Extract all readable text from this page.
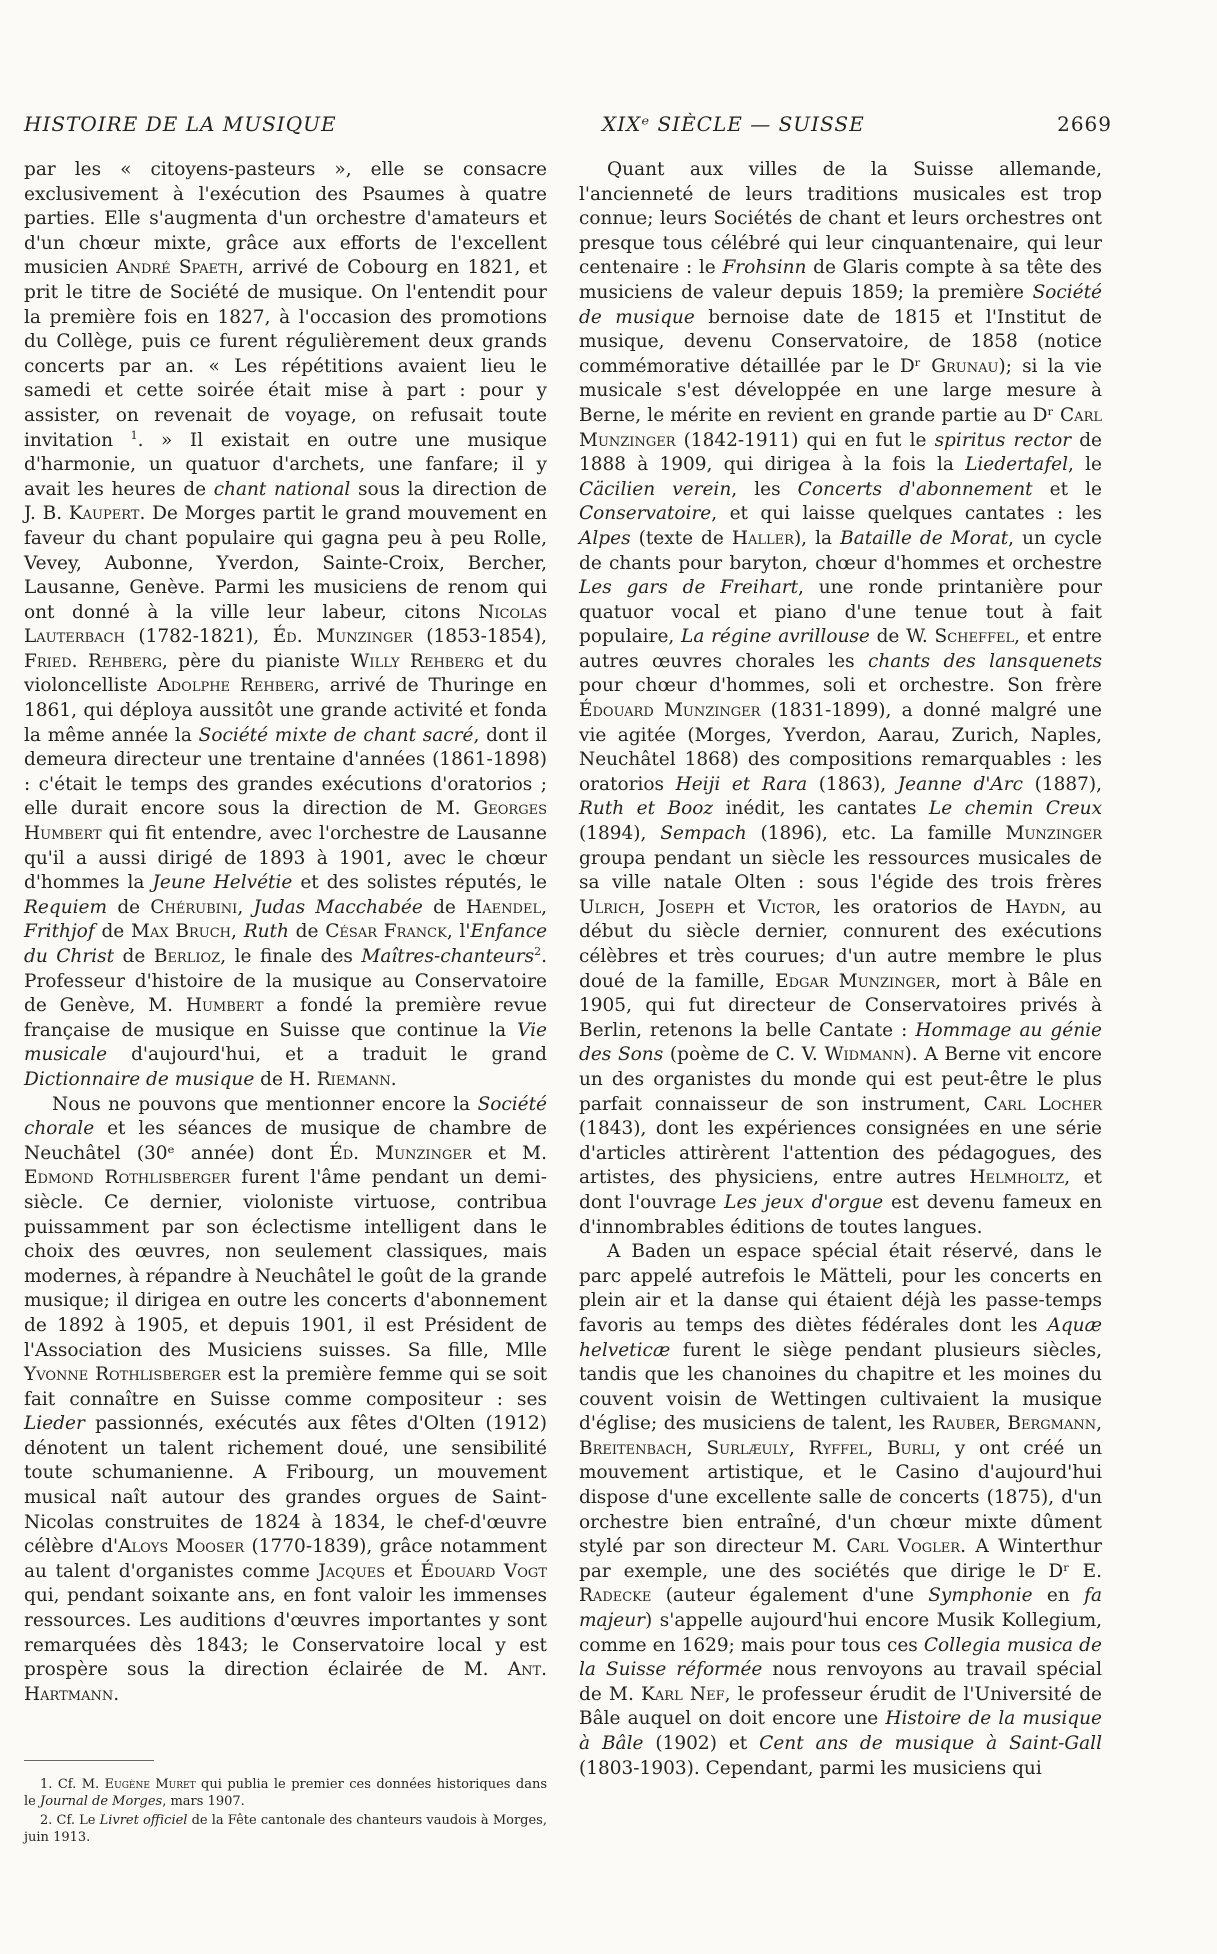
HISTOIRE DE LA MUSIQUE	XIXᵉ SIÈCLE — SUISSE	2669

par les « citoyens-pasteurs », elle se consacre exclusivement à l'exécution des Psaumes à quatre parties. Elle s'augmenta d'un orchestre d'amateurs et d'un chœur mixte, grâce aux efforts de l'excellent musicien André Spaeth, arrivé de Cobourg en 1821, et prit le titre de Société de musique. On l'entendit pour la première fois en 1827, à l'occasion des promotions du Collège, puis ce furent régulièrement deux grands concerts par an. « Les répétitions avaient lieu le samedi et cette soirée était mise à part : pour y assister, on revenait de voyage, on refusait toute invitation $^1$. » Il existait en outre une musique d'harmonie, un quatuor d'archets, une fanfare; il y avait les heures de chant national sous la direction de J. B. Kaupert. De Morges partit le grand mouvement en faveur du chant populaire qui gagna peu à peu Rolle, Vevey, Aubonne, Yverdon, Sainte-Croix, Bercher, Lausanne, Genève. Parmi les musiciens de renom qui ont donné à la ville leur labeur, citons Nicolas Lauterbach (1782-1821), Éd. Munzinger (1853-1854), Fried. Rehberg, père du pianiste Willy Rehberg et du violoncelliste Adolphe Rehberg, arrivé de Thuringe en 1861, qui déploya aussitôt une grande activité et fonda la même année la Société mixte de chant sacré, dont il demeura directeur une trentaine d'années (1861-1898) : c'était le temps des grandes exécutions d'oratorios ; elle durait encore sous la direction de M. Georges Humbert qui fit entendre, avec l'orchestre de Lausanne qu'il a aussi dirigé de 1893 à 1901, avec le chœur d'hommes la Jeune Helvétie et des solistes réputés, le Requiem de Chérubini, Judas Macchabée de Haendel, Frithjof de Max Bruch, Ruth de César Franck, l'Enfance du Christ de Berlioz, le finale des Maîtres-chanteurs$^2$. Professeur d'histoire de la musique au Conservatoire de Genève, M. Humbert a fondé la première revue française de musique en Suisse que continue la Vie musicale d'aujourd'hui, et a traduit le grand Dictionnaire de musique de H. Riemann.

Nous ne pouvons que mentionner encore la Société chorale et les séances de musique de chambre de Neuchâtel (30ᵉ année) dont Éd. Munzinger et M. Edmond Rothlisberger furent l'âme pendant un demi-siècle. Ce dernier, violoniste virtuose, contribua puissamment par son éclectisme intelligent dans le choix des œuvres, non seulement classiques, mais modernes, à répandre à Neuchâtel le goût de la grande musique; il dirigea en outre les concerts d'abonnement de 1892 à 1905, et depuis 1901, il est Président de l'Association des Musiciens suisses. Sa fille, Mlle Yvonne Rothlisberger est la première femme qui se soit fait connaître en Suisse comme compositeur : ses Lieder passionnés, exécutés aux fêtes d'Olten (1912) dénotent un talent richement doué, une sensibilité toute schumanienne. A Fribourg, un mouvement musical naît autour des grandes orgues de Saint-Nicolas construites de 1824 à 1834, le chef-d'œuvre célèbre d'Aloys Mooser (1770-1839), grâce notamment au talent d'organistes comme Jacques et Édouard Vogt qui, pendant soixante ans, en font valoir les immenses ressources. Les auditions d'œuvres importantes y sont remarquées dès 1843; le Conservatoire local y est prospère sous la direction éclairée de M. Ant. Hartmann.

Quant aux villes de la Suisse allemande, l'ancienneté de leurs traditions musicales est trop connue; leurs Sociétés de chant et leurs orchestres ont presque tous célébré qui leur cinquantenaire, qui leur centenaire : le Frohsinn de Glaris compte à sa tête des musiciens de valeur depuis 1859; la première Société de musique bernoise date de 1815 et l'Institut de musique, devenu Conservatoire, de 1858 (notice commémorative détaillée par le Dʳ Grunau); si la vie musicale s'est développée en une large mesure à Berne, le mérite en revient en grande partie au Dʳ Carl Munzinger (1842-1911) qui en fut le spiritus rector de 1888 à 1909, qui dirigea à la fois la Liedertafel, le Cäcilien verein, les Concerts d'abonnement et le Conservatoire, et qui laisse quelques cantates : les Alpes (texte de Haller), la Bataille de Morat, un cycle de chants pour baryton, chœur d'hommes et orchestre Les gars de Freihart, une ronde printanière pour quatuor vocal et piano d'une tenue tout à fait populaire, La régine avrillouse de W. Scheffel, et entre autres œuvres chorales les chants des lansquenets pour chœur d'hommes, soli et orchestre. Son frère Édouard Munzinger (1831-1899), a donné malgré une vie agitée (Morges, Yverdon, Aarau, Zurich, Naples, Neuchâtel 1868) des compositions remarquables : les oratorios Heiji et Rara (1863), Jeanne d'Arc (1887), Ruth et Booz inédit, les cantates Le chemin Creux (1894), Sempach (1896), etc. La famille Munzinger groupa pendant un siècle les ressources musicales de sa ville natale Olten : sous l'égide des trois frères Ulrich, Joseph et Victor, les oratorios de Haydn, au début du siècle dernier, connurent des exécutions célèbres et très courues; d'un autre membre le plus doué de la famille, Edgar Munzinger, mort à Bâle en 1905, qui fut directeur de Conservatoires privés à Berlin, retenons la belle Cantate : Hommage au génie des Sons (poème de C. V. Widmann). A Berne vit encore un des organistes du monde qui est peut-être le plus parfait connaisseur de son instrument, Carl Locher (1843), dont les expériences consignées en une série d'articles attirèrent l'attention des pédagogues, des artistes, des physiciens, entre autres Helmholtz, et dont l'ouvrage Les jeux d'orgue est devenu fameux en d'innombrables éditions de toutes langues.

A Baden un espace spécial était réservé, dans le parc appelé autrefois le Mätteli, pour les concerts en plein air et la danse qui étaient déjà les passe-temps favoris au temps des diètes fédérales dont les Aquæ helveticæ furent le siège pendant plusieurs siècles, tandis que les chanoines du chapitre et les moines du couvent voisin de Wettingen cultivaient la musique d'église; des musiciens de talent, les Rauber, Bergmann, Breitenbach, Surlæuly, Ryffel, Burli, y ont créé un mouvement artistique, et le Casino d'aujourd'hui dispose d'une excellente salle de concerts (1875), d'un orchestre bien entraîné, d'un chœur mixte dûment stylé par son directeur M. Carl Vogler. A Winterthur par exemple, une des sociétés que dirige le Dʳ E. Radecke (auteur également d'une Symphonie en fa majeur) s'appelle aujourd'hui encore Musik Kollegium, comme en 1629; mais pour tous ces Collegia musica de la Suisse réformée nous renvoyons au travail spécial de M. Karl Nef, le professeur érudit de l'Université de Bâle auquel on doit encore une Histoire de la musique à Bâle (1902) et Cent ans de musique à Saint-Gall (1803-1903). Cependant, parmi les musiciens qui

1. Cf. M. Eugène Muret qui publia le premier ces données historiques dans le Journal de Morges, mars 1907.

2. Cf. Le Livret officiel de la Fête cantonale des chanteurs vaudois à Morges, juin 1913.
